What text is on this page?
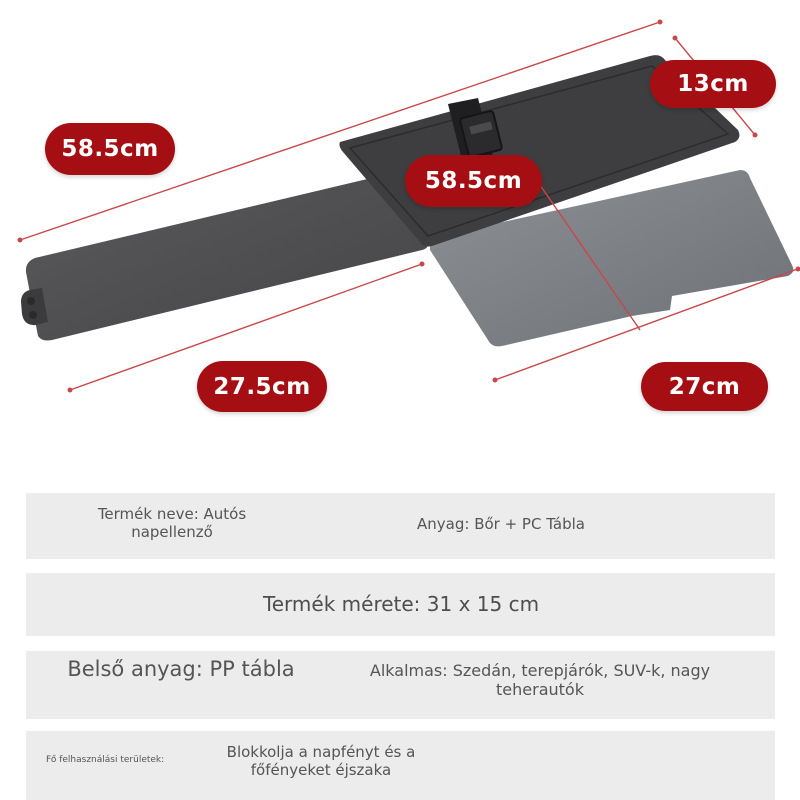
58.5cm
58.5cm
13cm
27.5cm	27cm
Termék neve: Autós napellenző	Anyag: Bőr + PC Tábla
Termék mérete: 31 x 15 cm
Belső anyag: PP tábla	Alkalmas: Szedán, terepjárók, SUV-k, nagy teherautók
Fő felhasználási területek:	Blokkolja a napfényt és a főfényeket éjszaka
